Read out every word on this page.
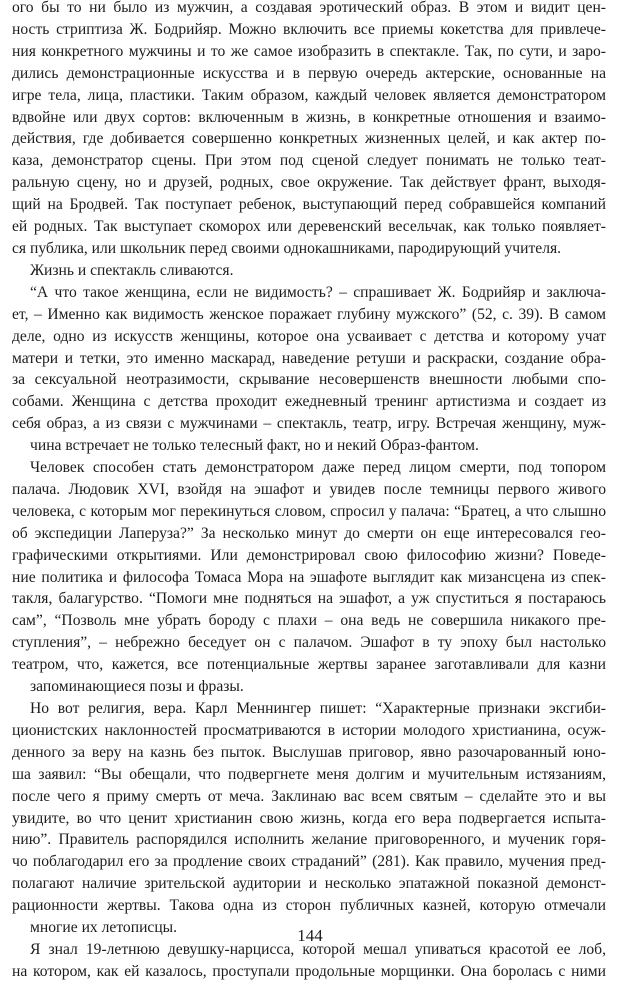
ого бы то ни было из мужчин, а создавая эротический образ. В этом и видит цен-
ность стриптиза Ж. Бодрийяр. Можно включить все приемы кокетства для привлече-
ния конкретного мужчины и то же самое изобразить в спектакле. Так, по сути, и заро-
дились демонстрационные искусства и в первую очередь актерские, основанные на
игре тела, лица, пластики. Таким образом, каждый человек является демонстратором
вдвойне или двух сортов: включенным в жизнь, в конкретные отношения и взаимо-
действия, где добивается совершенно конкретных жизненных целей, и как актер по-
каза, демонстратор сцены. При этом под сценой следует понимать не только теат-
ральную сцену, но и друзей, родных, свое окружение. Так действует франт, выходя-
щий на Бродвей. Так поступает ребенок, выступающий перед собравшейся компаний
ей родных. Так выступает скоморох или деревенский весельчак, как только появляет-

ся публика, или школьник перед своими однокашниками, пародирующий учителя.

Жизнь и спектакль сливаются.

“А что такое женщина, если не видимость? – спрашивает Ж. Бодрийяр и заключа-
ет, – Именно как видимость женское поражает глубину мужского” (52, с. 39). В самом
деле, одно из искусств женщины, которое она усваивает с детства и которому учат
матери и тетки, это именно маскарад, наведение ретуши и раскраски, создание обра-
за сексуальной неотразимости, скрывание несовершенств внешности любыми спо-
собами. Женщина с детства проходит ежедневный тренинг артистизма и создает из
себя образ, а из связи с мужчинами – спектакль, театр, игру. Встречая женщину, муж-

чина встречает не только телесный факт, но и некий Образ-фантом.

Человек способен стать демонстратором даже перед лицом смерти, под топором
палача. Людовик XVI, взойдя на эшафот и увидев после темницы первого живого
человека, с которым мог перекинуться словом, спросил у палача: “Братец, а что слышно
об экспедиции Лаперуза?” За несколько минут до смерти он еще интересовался гео-
графическими открытиями. Или демонстрировал свою философию жизни? Поведе-
ние политика и философа Томаса Мора на эшафоте выглядит как мизансцена из спек-
такля, балагурство. “Помоги мне подняться на эшафот, а уж спуститься я постараюсь
сам”, “Позволь мне убрать бороду с плахи – она ведь не совершила никакого пре-
ступления”, – небрежно беседует он с палачом. Эшафот в ту эпоху был настолько
театром, что, кажется, все потенциальные жертвы заранее заготавливали для казни

запоминающиеся позы и фразы.

Но вот религия, вера. Карл Меннингер пишет: “Характерные признаки эксгиби-
ционистских наклонностей просматриваются в истории молодого христианина, осуж-
денного за веру на казнь без пыток. Выслушав приговор, явно разочарованный юно-
ша заявил: “Вы обещали, что подвергнете меня долгим и мучительным истязаниям,
после чего я приму смерть от меча. Заклинаю вас всем святым – сделайте это и вы
увидите, во что ценит христианин свою жизнь, когда его вера подвергается испыта-
нию”. Правитель распорядился исполнить желание приговоренного, и мученик горя-
чо поблагодарил его за продление своих страданий” (281). Как правило, мучения пред-
полагают наличие зрительской аудитории и несколько эпатажной показной демонст-
рационности жертвы. Такова одна из сторон публичных казней, которую отмечали

многие их летописцы.

Я знал 19-летнюю девушку-нарцисса, которой мешал упиваться красотой ее лоб,
на котором, как ей казалось, проступали продольные морщинки. Она боролась с ними

144
